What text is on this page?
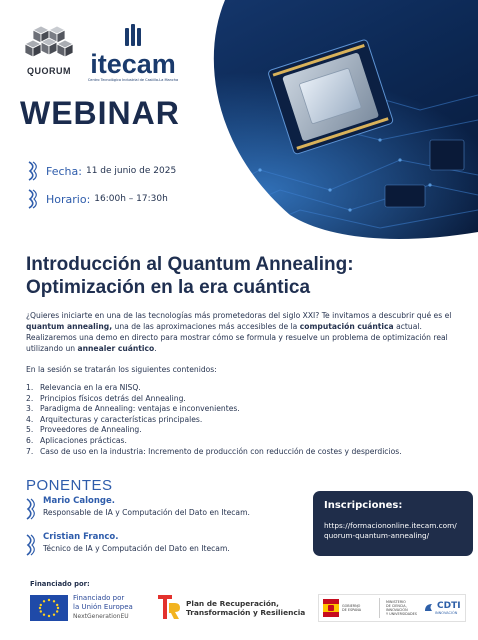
QUORUM itecam
Centro Tecnológico Industrial de Castilla-La Mancha
WEBINAR
Fecha: 11 de junio de 2025
Horario: 16:00h – 17:30h
Introducción al Quantum Annealing:
Optimización en la era cuántica

¿Quieres iniciarte en una de las tecnologías más prometedoras del siglo XXI? Te invitamos a descubrir qué es el quantum annealing, una de las aproximaciones más accesibles de la computación cuántica actual. Realizaremos una demo en directo para mostrar cómo se formula y resuelve un problema de optimización real utilizando un annealer cuántico.

En la sesión se tratarán los siguientes contenidos:
1. Relevancia en la era NISQ.
2. Principios físicos detrás del Annealing.
3. Paradigma de Annealing: ventajas e inconvenientes.
4. Arquitecturas y características principales.
5. Proveedores de Annealing.
6. Aplicaciones prácticas.
7. Caso de uso en la industria: Incremento de producción con reducción de costes y desperdicios.
PONENTES
Mario Calonge.
Responsable de IA y Computación del Dato en Itecam.
Cristian Franco.
Técnico de IA y Computación del Dato en Itecam.
Inscripciones:
https://formaciononline.itecam.com/
quorum-quantum-annealing/
Financiado por:
Financiado por
la Unión Europea
NextGenerationEU
Plan de Recuperación,
Transformación y Resiliencia
GOBIERNO
DE ESPAÑA
MINISTERIO
DE CIENCIA, INNOVACIÓN
Y UNIVERSIDADES
CDTI
INNOVACIÓN
